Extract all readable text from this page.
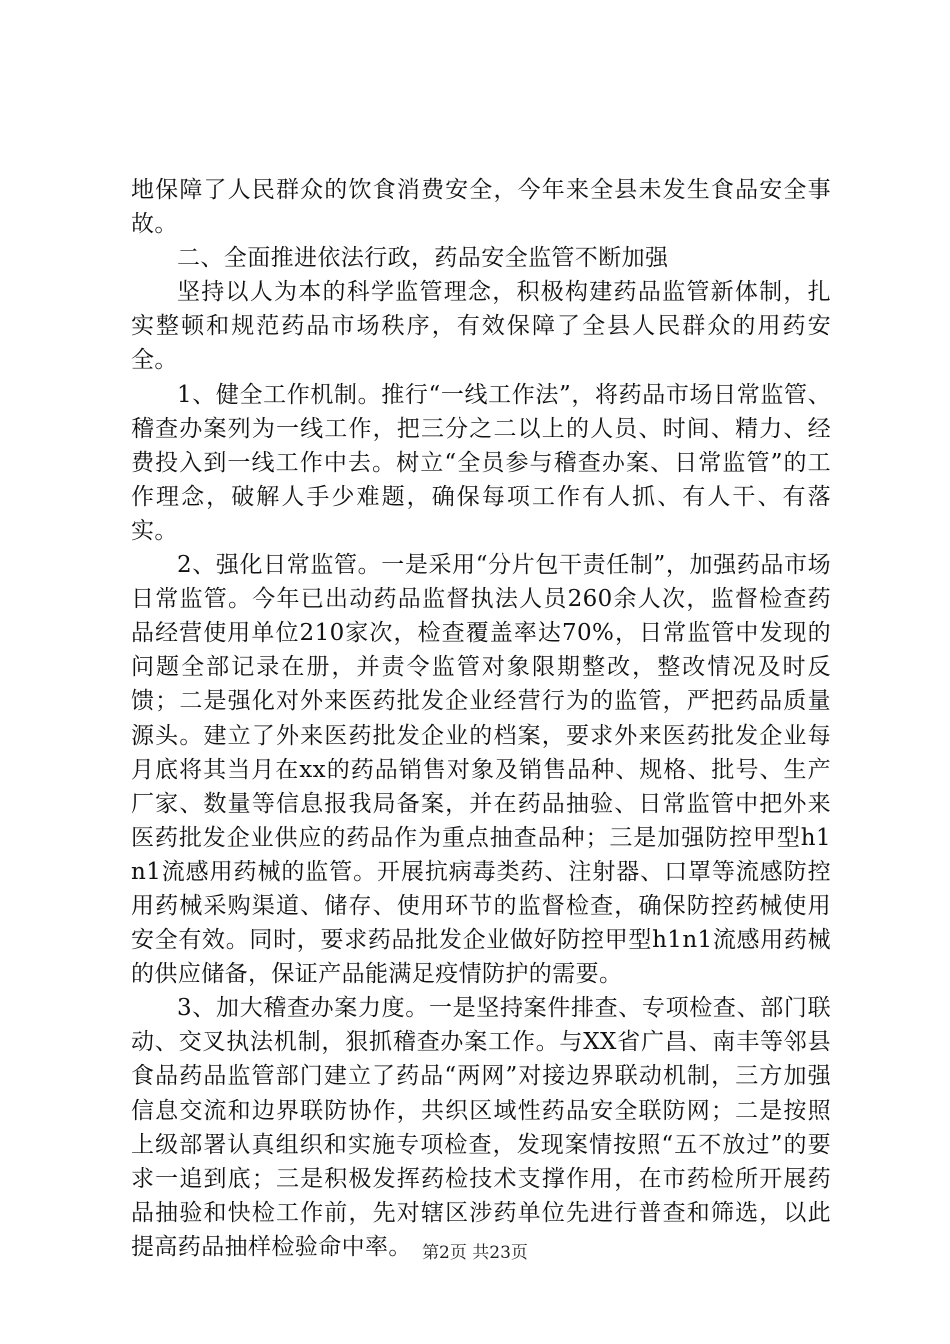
地保障了人民群众的饮食消费安全，今年来全县未发生食品安全事故。

二、全面推进依法行政，药品安全监管不断加强

坚持以人为本的科学监管理念，积极构建药品监管新体制，扎实整顿和规范药品市场秩序，有效保障了全县人民群众的用药安全。

1、健全工作机制。推行“一线工作法”，将药品市场日常监管、稽查办案列为一线工作，把三分之二以上的人员、时间、精力、经费投入到一线工作中去。树立“全员参与稽查办案、日常监管”的工作理念，破解人手少难题，确保每项工作有人抓、有人干、有落实。

2、强化日常监管。一是采用“分片包干责任制”，加强药品市场日常监管。今年已出动药品监督执法人员260余人次，监督检查药品经营使用单位210家次，检查覆盖率达70%，日常监管中发现的问题全部记录在册，并责令监管对象限期整改，整改情况及时反馈；二是强化对外来医药批发企业经营行为的监管，严把药品质量源头。建立了外来医药批发企业的档案，要求外来医药批发企业每月底将其当月在xx的药品销售对象及销售品种、规格、批号、生产厂家、数量等信息报我局备案，并在药品抽验、日常监管中把外来医药批发企业供应的药品作为重点抽查品种；三是加强防控甲型h1n1流感用药械的监管。开展抗病毒类药、注射器、口罩等流感防控用药械采购渠道、储存、使用环节的监督检查，确保防控药械使用安全有效。同时，要求药品批发企业做好防控甲型h1n1流感用药械的供应储备，保证产品能满足疫情防护的需要。

3、加大稽查办案力度。一是坚持案件排查、专项检查、部门联动、交叉执法机制，狠抓稽查办案工作。与XX省广昌、南丰等邻县食品药品监管部门建立了药品“两网”对接边界联动机制，三方加强信息交流和边界联防协作，共织区域性药品安全联防网；二是按照上级部署认真组织和实施专项检查，发现案情按照“五不放过”的要求一追到底；三是积极发挥药检技术支撑作用，在市药检所开展药品抽验和快检工作前，先对辖区涉药单位先进行普查和筛选，以此提高药品抽样检验命中率。 第2页 共23页
